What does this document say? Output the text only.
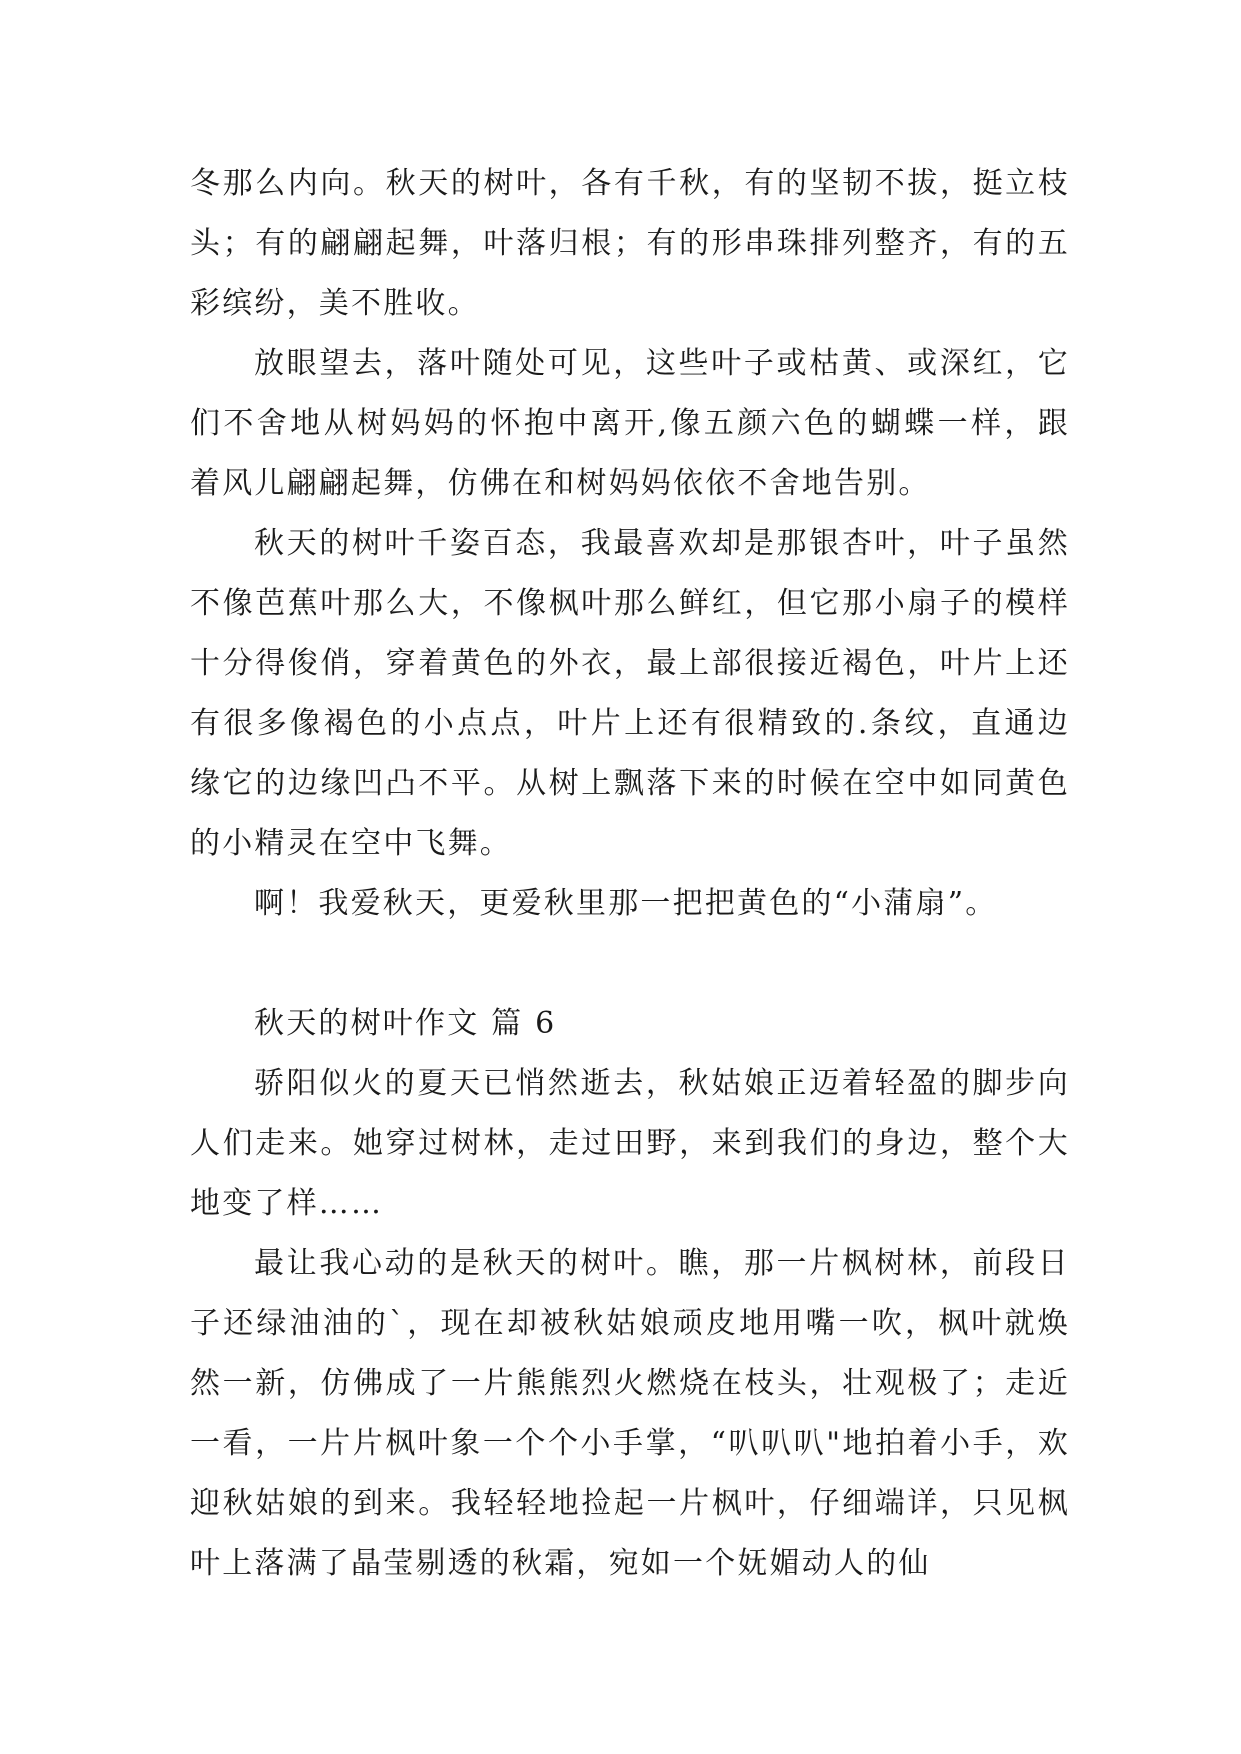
冬那么内向。秋天的树叶，各有千秋，有的坚韧不拔，挺立枝头；有的翩翩起舞，叶落归根；有的形串珠排列整齐，有的五彩缤纷，美不胜收。

放眼望去，落叶随处可见，这些叶子或枯黄、或深红，它们不舍地从树妈妈的怀抱中离开,像五颜六色的蝴蝶一样，跟着风儿翩翩起舞，仿佛在和树妈妈依依不舍地告别。

秋天的树叶千姿百态，我最喜欢却是那银杏叶，叶子虽然不像芭蕉叶那么大，不像枫叶那么鲜红，但它那小扇子的模样十分得俊俏，穿着黄色的外衣，最上部很接近褐色，叶片上还有很多像褐色的小点点，叶片上还有很精致的.条纹，直通边缘它的边缘凹凸不平。从树上飘落下来的时候在空中如同黄色的小精灵在空中飞舞。

啊！我爱秋天，更爱秋里那一把把黄色的“小蒲扇”。

秋天的树叶作文 篇 6

骄阳似火的夏天已悄然逝去，秋姑娘正迈着轻盈的脚步向人们走来。她穿过树林，走过田野，来到我们的身边，整个大地变了样……

最让我心动的是秋天的树叶。瞧，那一片枫树林，前段日子还绿油油的`，现在却被秋姑娘顽皮地用嘴一吹，枫叶就焕然一新，仿佛成了一片熊熊烈火燃烧在枝头，壮观极了；走近一看，一片片枫叶象一个个小手掌，“叭叭叭"地拍着小手，欢迎秋姑娘的到来。我轻轻地捡起一片枫叶，仔细端详，只见枫叶上落满了晶莹剔透的秋霜，宛如一个妩媚动人的仙
